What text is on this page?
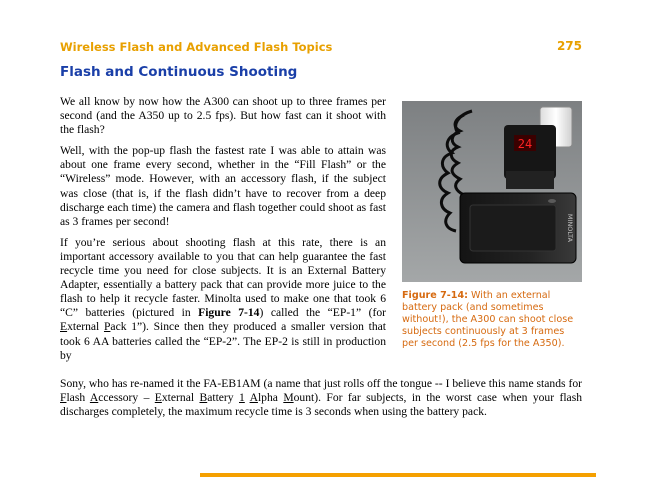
Wireless Flash and Advanced Flash Topics	275
Flash and Continuous Shooting

We all know by now how the A300 can shoot up to three frames per second (and the A350 up to 2.5 fps). But how fast can it shoot with the flash?

Well, with the pop-up flash the fastest rate I was able to attain was about one frame every second, whether in the “Fill Flash” or the “Wireless” mode. However, with an accessory flash, if the subject was close (that is, if the flash didn’t have to recover from a deep discharge each time) the camera and flash together could shoot as fast as 3 frames per second!

If you’re serious about shooting flash at this rate, there is an important accessory available to you that can help guarantee the fast recycle time you need for close subjects. It is an External Battery Adapter, essentially a battery pack that can provide more juice to the flash to help it recycle faster. Minolta used to make one that took 6 “C” batteries (pictured in Figure 7-14) called the “EP-1” (for External Pack 1”). Since then they produced a smaller version that took 6 AA batteries called the “EP-2”. The EP-2 is still in production by

Sony, who has re-named it the FA-EB1AM (a name that just rolls off the tongue -- I believe this name stands for Flash Accessory – External Battery 1 Alpha Mount). For far subjects, in the worst case when your flash discharges completely, the maximum recycle time is 3 seconds when using the battery pack.

24
MINOLTA
Figure 7-14: With an external battery pack (and sometimes without!), the A300 can shoot close subjects continuously at 3 frames per second (2.5 fps for the A350).
